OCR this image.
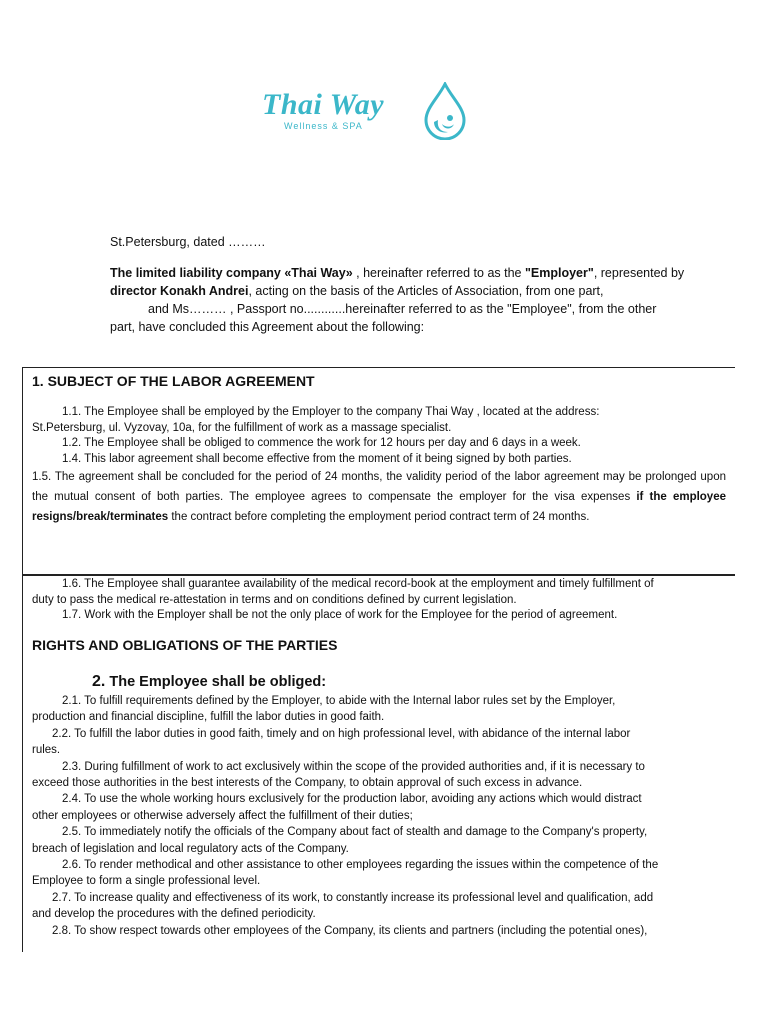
Thai Way
Wellness & SPA

St.Petersburg, dated ………

The limited liability company «Thai Way» , hereinafter referred to as the "Employer", represented by director Konakh Andrei, acting on the basis of the Articles of Association, from one part,

and Ms……… , Passport no............hereinafter referred to as the "Employee", from the other

part, have concluded this Agreement about the following:

1. SUBJECT OF THE LABOR AGREEMENT

1.1. The Employee shall be employed by the Employer to the company Thai Way , located at the address:

St.Petersburg, ul. Vyzovay, 10a, for the fulfillment of work as a massage specialist.

1.2. The Employee shall be obliged to commence the work for 12 hours per day and 6 days in a week.

1.4. This labor agreement shall become effective from the moment of it being signed by both parties.

1.5. The agreement shall be concluded for the period of 24 months, the validity period of the labor agreement may be prolonged upon the mutual consent of both parties. The employee agrees to compensate the employer for the visa expenses if the employee resigns/break/terminates the contract before completing the employment period contract term of 24 months.

1.6. The Employee shall guarantee availability of the medical record-book at the employment and timely fulfillment of

duty to pass the medical re-attestation in terms and on conditions defined by current legislation.

1.7. Work with the Employer shall be not the only place of work for the Employee for the period of agreement.

RIGHTS AND OBLIGATIONS OF THE PARTIES
2. The Employee shall be obliged:

2.1. To fulfill requirements defined by the Employer, to abide with the Internal labor rules set by the Employer,

production and financial discipline, fulfill the labor duties in good faith.

2.2. To fulfill the labor duties in good faith, timely and on high professional level, with abidance of the internal labor

rules.

2.3. During fulfillment of work to act exclusively within the scope of the provided authorities and, if it is necessary to

exceed those authorities in the best interests of the Company, to obtain approval of such excess in advance.

2.4. To use the whole working hours exclusively for the production labor, avoiding any actions which would distract

other employees or otherwise adversely affect the fulfillment of their duties;

2.5. To immediately notify the officials of the Company about fact of stealth and damage to the Company's property,

breach of legislation and local regulatory acts of the Company.

2.6. To render methodical and other assistance to other employees regarding the issues within the competence of the

Employee to form a single professional level.

2.7. To increase quality and effectiveness of its work, to constantly increase its professional level and qualification, add

and develop the procedures with the defined periodicity.

2.8. To show respect towards other employees of the Company, its clients and partners (including the potential ones),
